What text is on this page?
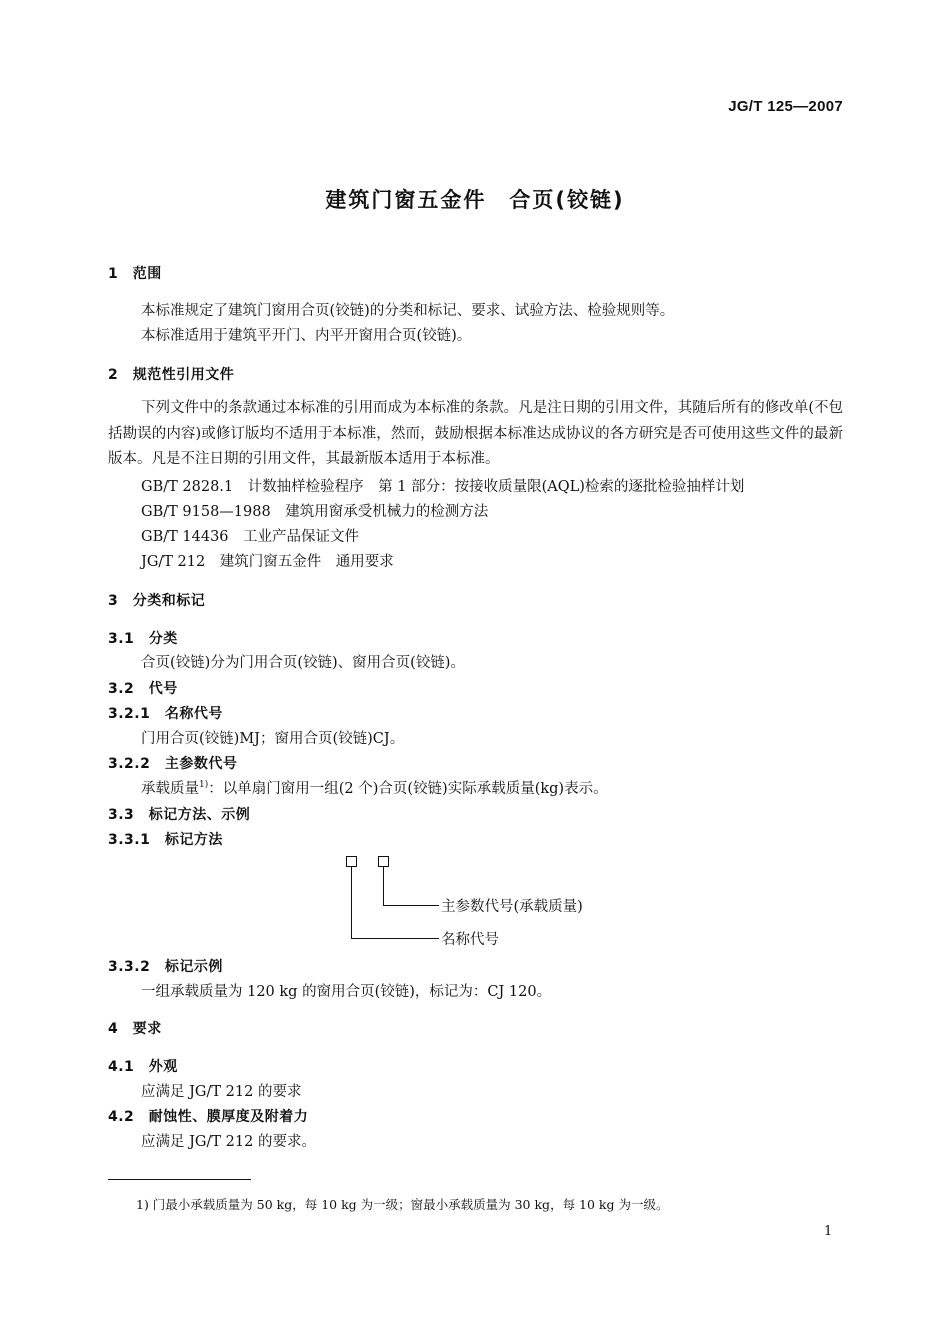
JG/T 125—2007
建筑门窗五金件　合页(铰链)
1　范围
本标准规定了建筑门窗用合页(铰链)的分类和标记、要求、试验方法、检验规则等。
本标准适用于建筑平开门、内平开窗用合页(铰链)。
2　规范性引用文件
下列文件中的条款通过本标准的引用而成为本标准的条款。凡是注日期的引用文件，其随后所有的修改单(不包括勘误的内容)或修订版均不适用于本标准，然而，鼓励根据本标准达成协议的各方研究是否可使用这些文件的最新版本。凡是不注日期的引用文件，其最新版本适用于本标准。
GB/T 2828.1　计数抽样检验程序　第 1 部分：按接收质量限(AQL)检索的逐批检验抽样计划
GB/T 9158—1988　建筑用窗承受机械力的检测方法
GB/T 14436　工业产品保证文件
JG/T 212　建筑门窗五金件　通用要求
3　分类和标记
3.1　分类
合页(铰链)分为门用合页(铰链)、窗用合页(铰链)。
3.2　代号
3.2.1　名称代号
门用合页(铰链)MJ；窗用合页(铰链)CJ。
3.2.2　主参数代号
承载质量$^{1)}$：以单扇门窗用一组(2 个)合页(铰链)实际承载质量(kg)表示。
3.3　标记方法、示例
3.3.1　标记方法
主参数代号(承载质量)
名称代号
3.3.2　标记示例
一组承载质量为 120 kg 的窗用合页(铰链)，标记为：CJ 120。
4　要求
4.1　外观
应满足 JG/T 212 的要求
4.2　耐蚀性、膜厚度及附着力
应满足 JG/T 212 的要求。
1) 门最小承载质量为 50 kg，每 10 kg 为一级；窗最小承载质量为 30 kg，每 10 kg 为一级。
1
